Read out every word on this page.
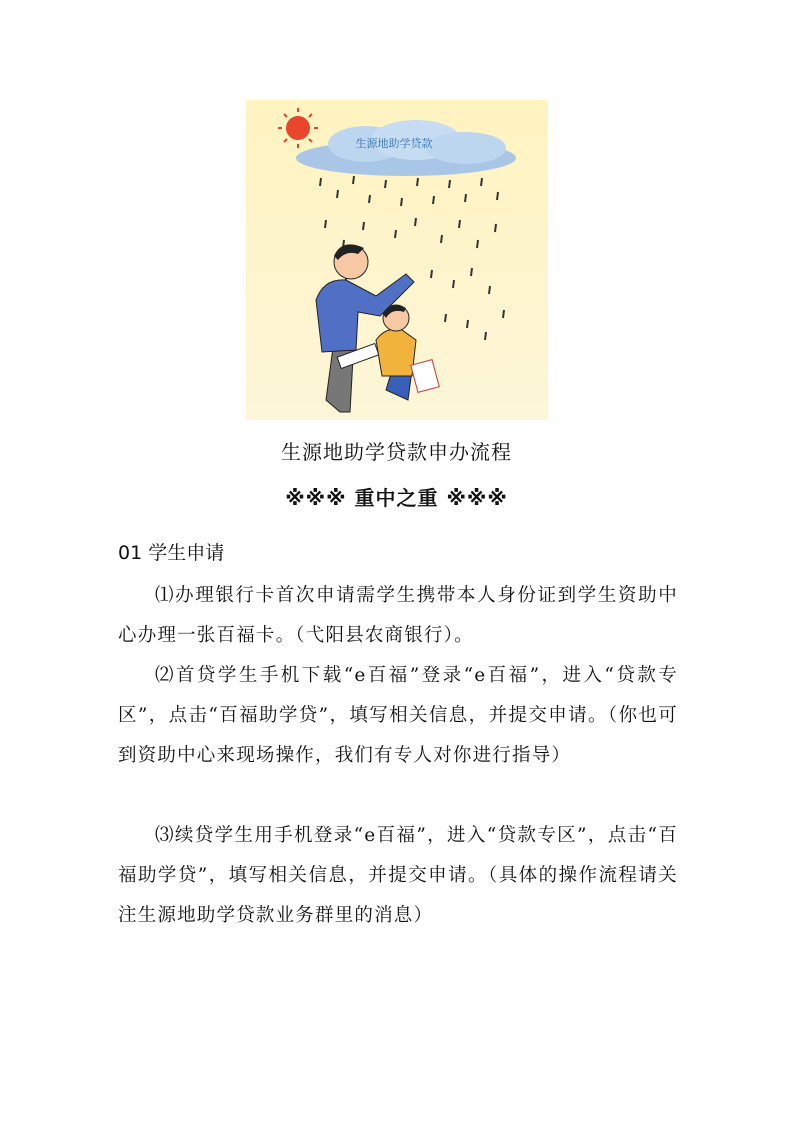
生源地助学贷款
生源地助学贷款申办流程
※※※ 重中之重 ※※※
01 学生申请
⑴办理银行卡首次申请需学生携带本人身份证到学生资助中心办理一张百福卡。（弋阳县农商银行）。
⑵首贷学生手机下载“e百福”登录“e百福”，进入“贷款专区”，点击“百福助学贷”，填写相关信息，并提交申请。（你也可到资助中心来现场操作，我们有专人对你进行指导）
⑶续贷学生用手机登录“e百福”，进入“贷款专区”，点击“百福助学贷”，填写相关信息，并提交申请。（具体的操作流程请关注生源地助学贷款业务群里的消息）
